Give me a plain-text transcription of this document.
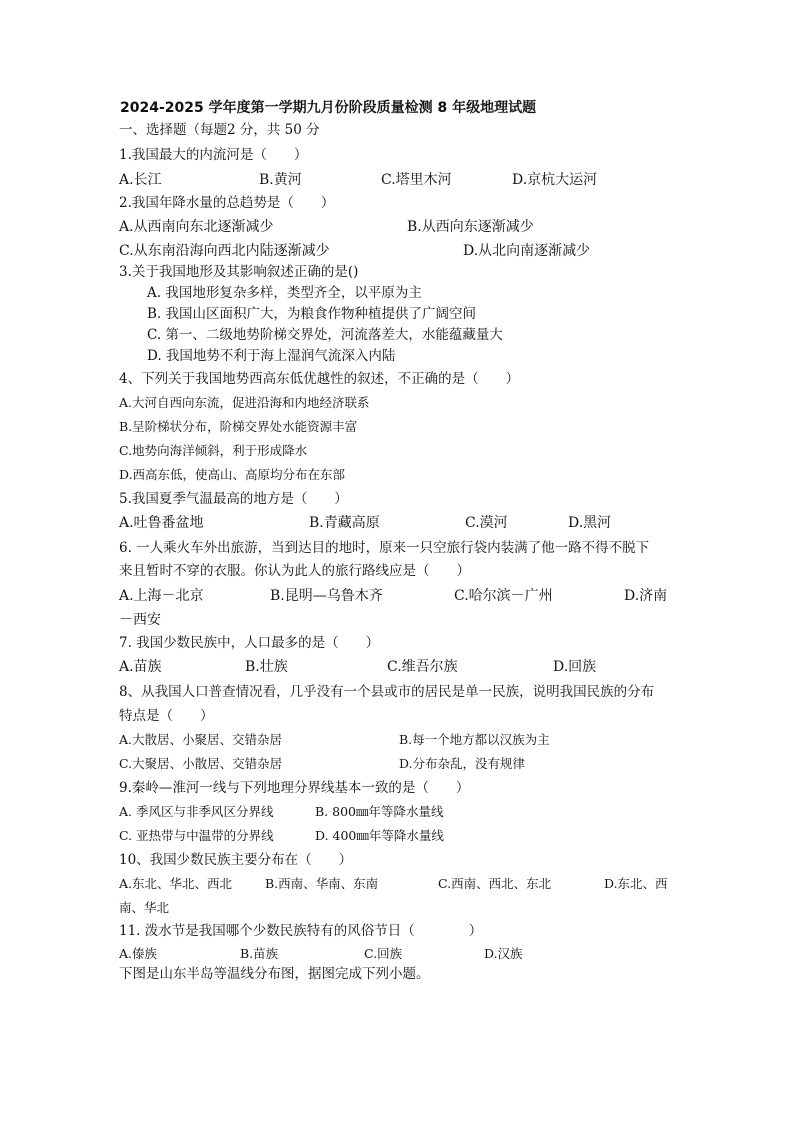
2024-2025 学年度第一学期九月份阶段质量检测 8 年级地理试题
一、选择题（每题2 分，共 50 分
1.我国最大的内流河是（　　）
A.长江	B.黄河	C.塔里木河	D.京杭大运河
2.我国年降水量的总趋势是（　　）
A.从西南向东北逐渐减少	B.从西向东逐渐减少
C.从东南沿海向西北内陆逐渐减少	D.从北向南逐渐减少
3.关于我国地形及其影响叙述正确的是()
A. 我国地形复杂多样，类型齐全，以平原为主
B. 我国山区面积广大，为粮食作物种植提供了广阔空间
C. 第一、二级地势阶梯交界处，河流落差大，水能蕴藏量大
D. 我国地势不利于海上湿润气流深入内陆
4、下列关于我国地势西高东低优越性的叙述，不正确的是（　　）
A.大河自西向东流，促进沿海和内地经济联系
B.呈阶梯状分布，阶梯交界处水能资源丰富
C.地势向海洋倾斜，利于形成降水
D.西高东低，使高山、高原均分布在东部
5.我国夏季气温最高的地方是（　　）
A.吐鲁番盆地	B.青藏高原	C.漠河	D.黑河
6. 一人乘火车外出旅游，当到达目的地时，原来一只空旅行袋内装满了他一路不得不脱下
来且暂时不穿的衣服。你认为此人的旅行路线应是（　　）
A.上海－北京	B.昆明—乌鲁木齐	C.哈尔滨－广州	D.济南
－西安
7. 我国少数民族中，人口最多的是（　　）
A.苗族	B.壮族	C.维吾尔族	D.回族
8、从我国人口普查情况看，几乎没有一个县或市的居民是单一民族，说明我国民族的分布
特点是（　　）
A.大散居、小聚居、交错杂居	B.每一个地方都以汉族为主
C.大聚居、小散居、交错杂居	D.分布杂乱，没有规律
9.秦岭—淮河一线与下列地理分界线基本一致的是（　　）
A. 季风区与非季风区分界线	B. 800㎜年等降水量线
C. 亚热带与中温带的分界线	D. 400㎜年等降水量线
10、我国少数民族主要分布在（　　）
A.东北、华北、西北	B.西南、华南、东南	C.西南、西北、东北	D.东北、西
南、华北
11. 泼水节是我国哪个少数民族特有的风俗节日（　　　　）
A.傣族	B.苗族	C.回族	D.汉族
下图是山东半岛等温线分布图，据图完成下列小题。
